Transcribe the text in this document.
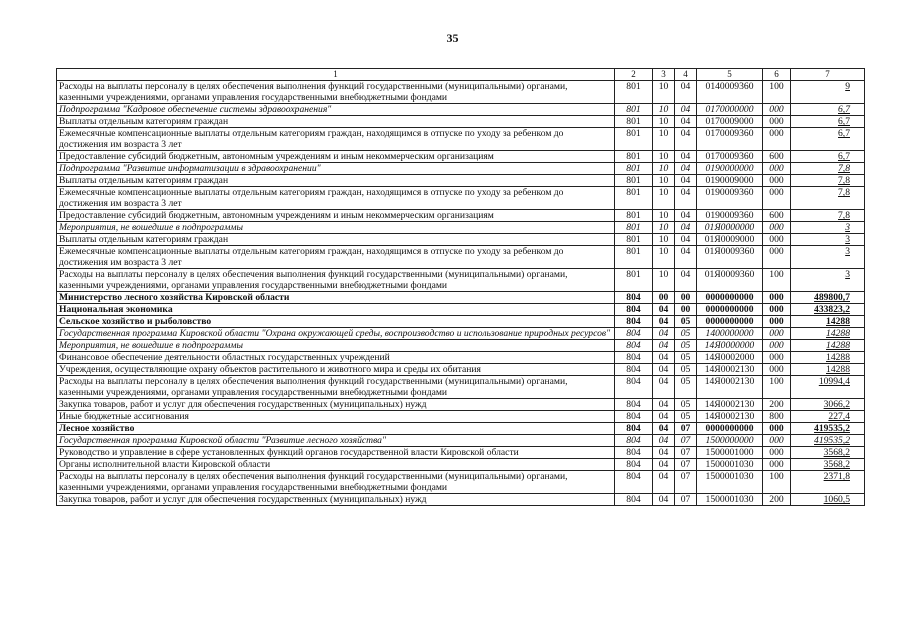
35
1	2	3	4	5	6	7
Расходы на выплаты персоналу в целях обеспечения выполнения функций государственными (муниципальными) органами, казенными учреждениями, органами управления государственными внебюджетными фондами	801	10	04	0140009360	100	9
Подпрограмма "Кадровое обеспечение системы здравоохранения"	801	10	04	0170000000	000	6,7
Выплаты отдельным категориям граждан	801	10	04	0170009000	000	6,7
Ежемесячные компенсационные выплаты отдельным категориям граждан, находящимся в отпуске по уходу за ребенком до достижения им возраста 3 лет	801	10	04	0170009360	000	6,7
Предоставление субсидий бюджетным, автономным учреждениям и иным некоммерческим организациям	801	10	04	0170009360	600	6,7
Подпрограмма "Развитие информатизации в здравоохранении"	801	10	04	0190000000	000	7,8
Выплаты отдельным категориям граждан	801	10	04	0190009000	000	7,8
Ежемесячные компенсационные выплаты отдельным категориям граждан, находящимся в отпуске по уходу за ребенком до достижения им возраста 3 лет	801	10	04	0190009360	000	7,8
Предоставление субсидий бюджетным, автономным учреждениям и иным некоммерческим организациям	801	10	04	0190009360	600	7,8
Мероприятия, не вошедшие в подпрограммы	801	10	04	01Я0000000	000	3
Выплаты отдельным категориям граждан	801	10	04	01Я0009000	000	3
Ежемесячные компенсационные выплаты отдельным категориям граждан, находящимся в отпуске по уходу за ребенком до достижения им возраста 3 лет	801	10	04	01Я0009360	000	3
Расходы на выплаты персоналу в целях обеспечения выполнения функций государственными (муниципальными) органами, казенными учреждениями, органами управления государственными внебюджетными фондами	801	10	04	01Я0009360	100	3
Министерство лесного хозяйства Кировской области	804	00	00	0000000000	000	489800,7
Национальная экономика	804	04	00	0000000000	000	433823,2
Сельское хозяйство и рыболовство	804	04	05	0000000000	000	14288
Государственная программа Кировской области "Охрана окружающей среды, воспроизводство и использование природных ресурсов"	804	04	05	1400000000	000	14288
Мероприятия, не вошедшие в подпрограммы	804	04	05	14Я0000000	000	14288
Финансовое обеспечение деятельности областных государственных учреждений	804	04	05	14Я0002000	000	14288
Учреждения, осуществляющие охрану объектов растительного и животного мира и среды их обитания	804	04	05	14Я0002130	000	14288
Расходы на выплаты персоналу в целях обеспечения выполнения функций государственными (муниципальными) органами, казенными учреждениями, органами управления государственными внебюджетными фондами	804	04	05	14Я0002130	100	10994,4
Закупка товаров, работ и услуг для обеспечения государственных (муниципальных) нужд	804	04	05	14Я0002130	200	3066,2
Иные бюджетные ассигнования	804	04	05	14Я0002130	800	227,4
Лесное хозяйство	804	04	07	0000000000	000	419535,2
Государственная программа Кировской области "Развитие лесного хозяйства"	804	04	07	1500000000	000	419535,2
Руководство и управление в сфере установленных функций органов государственной власти Кировской области	804	04	07	1500001000	000	3568,2
Органы исполнительной власти Кировской области	804	04	07	1500001030	000	3568,2
Расходы на выплаты персоналу в целях обеспечения выполнения функций государственными (муниципальными) органами, казенными учреждениями, органами управления государственными внебюджетными фондами	804	04	07	1500001030	100	2371,8
Закупка товаров, работ и услуг для обеспечения государственных (муниципальных) нужд	804	04	07	1500001030	200	1060,5
